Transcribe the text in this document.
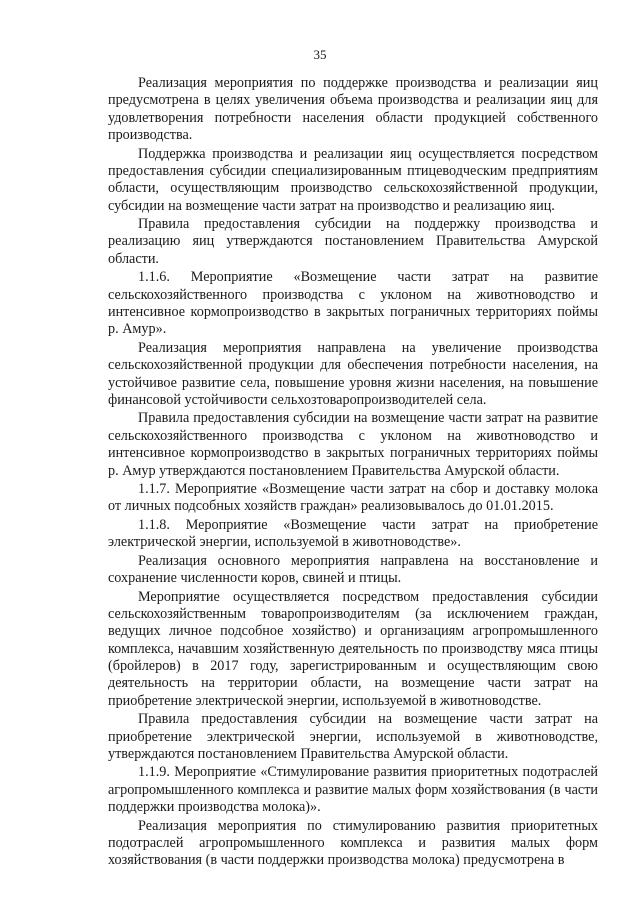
35

Реализация мероприятия по поддержке производства и реализации яиц предусмотрена в целях увеличения объема производства и реализации яиц для удовлетворения потребности населения области продукцией собственного производства.

Поддержка производства и реализации яиц осуществляется посредством предоставления субсидии специализированным птицеводческим предприятиям области, осуществляющим производство сельскохозяйственной продукции, субсидии на возмещение части затрат на производство и реализацию яиц.

Правила предоставления субсидии на поддержку производства и реализацию яиц утверждаются постановлением Правительства Амурской области.

1.1.6. Мероприятие «Возмещение части затрат на развитие сельскохозяйственного производства с уклоном на животноводство и интенсивное кормопроизводство в закрытых пограничных территориях поймы р. Амур».

Реализация мероприятия направлена на увеличение производства сельскохозяйственной продукции для обеспечения потребности населения, на устойчивое развитие села, повышение уровня жизни населения, на повышение финансовой устойчивости сельхозтоваропроизводителей села.

Правила предоставления субсидии на возмещение части затрат на развитие сельскохозяйственного производства с уклоном на животноводство и интенсивное кормопроизводство в закрытых пограничных территориях поймы р. Амур утверждаются постановлением Правительства Амурской области.

1.1.7. Мероприятие «Возмещение части затрат на сбор и доставку молока от личных подсобных хозяйств граждан» реализовывалось до 01.01.2015.

1.1.8. Мероприятие «Возмещение части затрат на приобретение электрической энергии, используемой в животноводстве».

Реализация основного мероприятия направлена на восстановление и сохранение численности коров, свиней и птицы.

Мероприятие осуществляется посредством предоставления субсидии сельскохозяйственным товаропроизводителям (за исключением граждан, ведущих личное подсобное хозяйство) и организациям агропромышленного комплекса, начавшим хозяйственную деятельность по производству мяса птицы (бройлеров) в 2017 году, зарегистрированным и осуществляющим свою деятельность на территории области, на возмещение части затрат на приобретение электрической энергии, используемой в животноводстве.

Правила предоставления субсидии на возмещение части затрат на приобретение электрической энергии, используемой в животноводстве, утверждаются постановлением Правительства Амурской области.

1.1.9. Мероприятие «Стимулирование развития приоритетных подотраслей агропромышленного комплекса и развитие малых форм хозяйствования (в части поддержки производства молока)».

Реализация мероприятия по стимулированию развития приоритетных подотраслей агропромышленного комплекса и развития малых форм хозяйствования (в части поддержки производства молока) предусмотрена в
